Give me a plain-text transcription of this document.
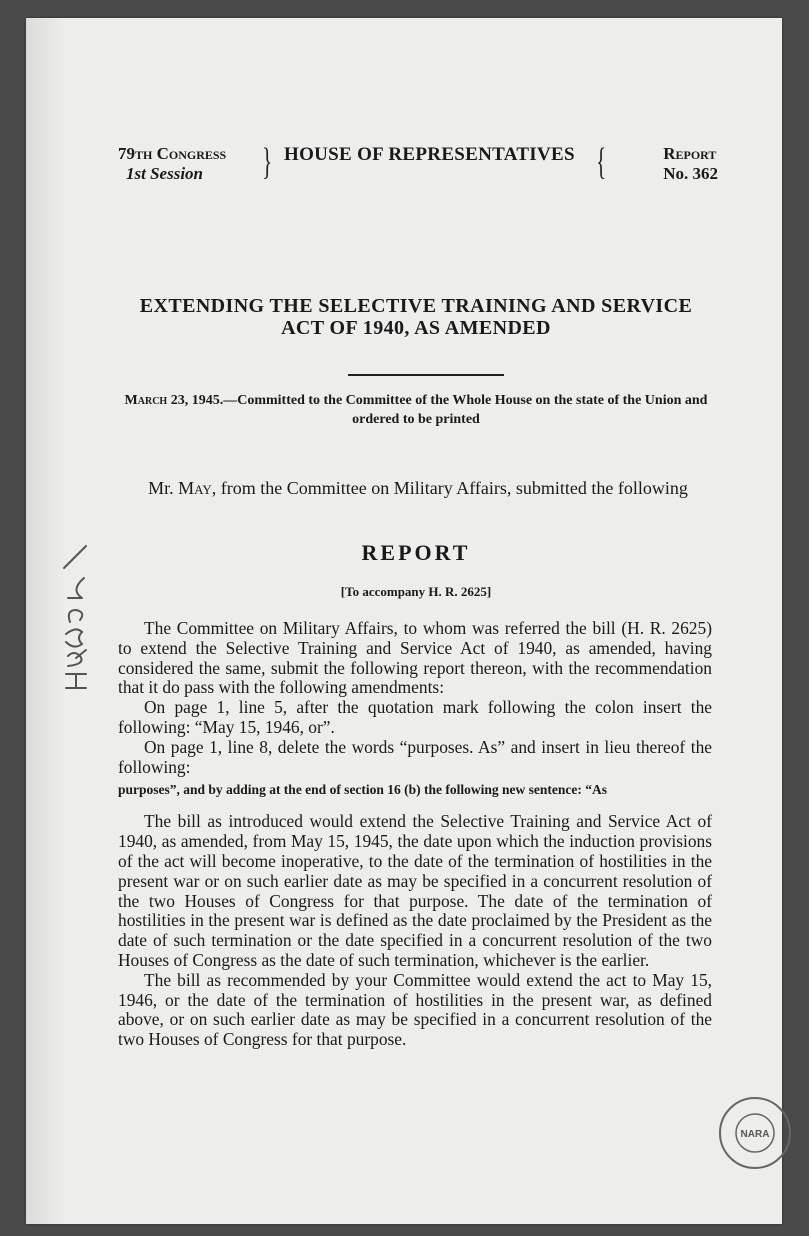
79th Congress
1st Session	} HOUSE OF REPRESENTATIVES {	Report
No. 362
EXTENDING THE SELECTIVE TRAINING AND SERVICE
ACT OF 1940, AS AMENDED
March 23, 1945.—Committed to the Committee of the Whole House on the state of the Union and ordered to be printed
Mr. May, from the Committee on Military Affairs, submitted the following
REPORT
[To accompany H. R. 2625]

The Committee on Military Affairs, to whom was referred the bill (H. R. 2625) to extend the Selective Training and Service Act of 1940, as amended, having considered the same, submit the following report thereon, with the recommendation that it do pass with the following amendments:

On page 1, line 5, after the quotation mark following the colon insert the following: “May 15, 1946, or”.

On page 1, line 8, delete the words “purposes. As” and insert in lieu thereof the following:

purposes”, and by adding at the end of section 16 (b) the following new sentence: “As

The bill as introduced would extend the Selective Training and Service Act of 1940, as amended, from May 15, 1945, the date upon which the induction provisions of the act will become inoperative, to the date of the termination of hostilities in the present war or on such earlier date as may be specified in a concurrent resolution of the two Houses of Congress for that purpose. The date of the termination of hostilities in the present war is defined as the date proclaimed by the President as the date of such termination or the date specified in a concurrent resolution of the two Houses of Congress as the date of such termination, whichever is the earlier.

The bill as recommended by your Committee would extend the act to May 15, 1946, or the date of the termination of hostilities in the present war, as defined above, or on such earlier date as may be specified in a concurrent resolution of the two Houses of Congress for that purpose.

NARA
